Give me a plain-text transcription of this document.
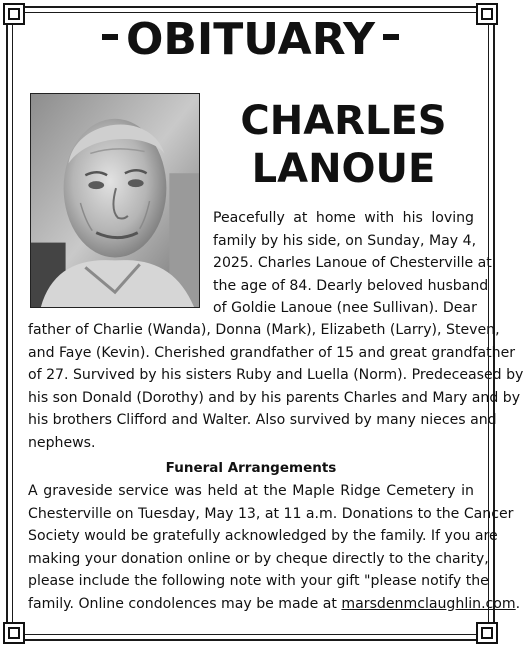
OBITUARY
CHARLES
LANOUE
Peacefully at home with his loving
family by his side, on Sunday, May 4,
2025. Charles Lanoue of Chesterville at
the age of 84. Dearly beloved husband
of Goldie Lanoue (nee Sullivan). Dear
father of Charlie (Wanda), Donna (Mark), Elizabeth (Larry), Steven,
and Faye (Kevin). Cherished grandfather of 15 and great grandfather
of 27. Survived by his sisters Ruby and Luella (Norm). Predeceased by
his son Donald (Dorothy) and by his parents Charles and Mary and by
his brothers Clifford and Walter. Also survived by many nieces and
nephews.
Funeral Arrangements
A graveside service was held at the Maple Ridge Cemetery in
Chesterville on Tuesday, May 13, at 11 a.m. Donations to the Cancer
Society would be gratefully acknowledged by the family. If you are
making your donation online or by cheque directly to the charity,
please include the following note with your gift "please notify the
family. Online condolences may be made at marsdenmclaughlin.com.
